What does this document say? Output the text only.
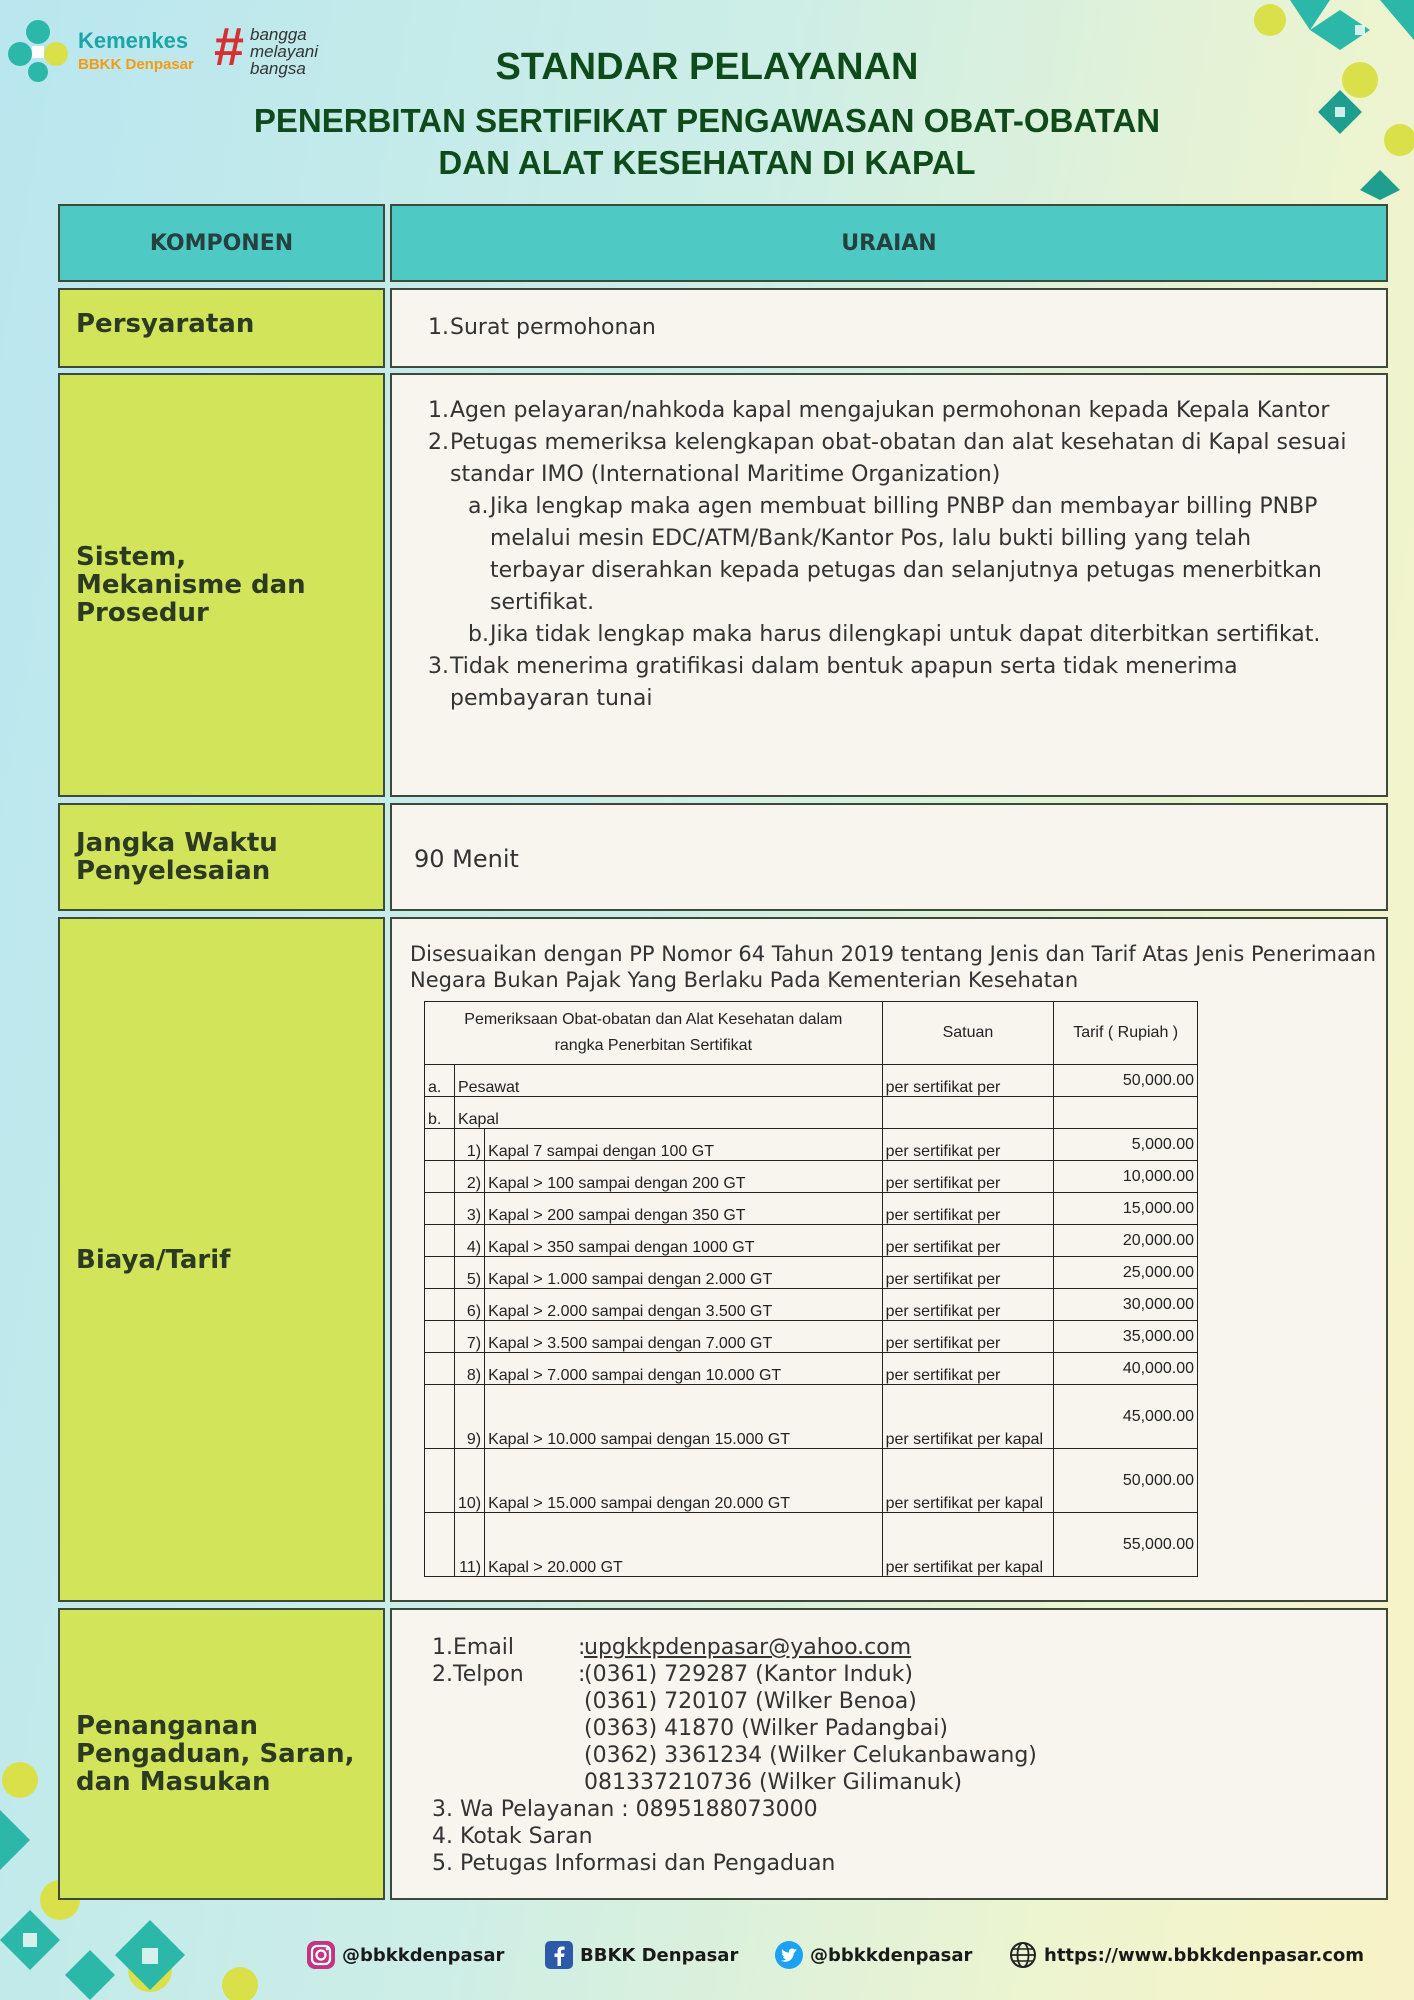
Kemenkes
BBKK Denpasar # bangga
melayani
bangsa	STANDAR PELAYANAN
PENERBITAN SERTIFIKAT PENGAWASAN OBAT-OBATAN
DAN ALAT KESEHATAN DI KAPAL
KOMPONEN	URAIAN
Persyaratan	1. Surat permohonan
Sistem, Mekanisme dan Prosedur
1. Agen pelayaran/nahkoda kapal mengajukan permohonan kepada Kepala Kantor
2. Petugas memeriksa kelengkapan obat-obatan dan alat kesehatan di Kapal sesuai standar IMO (International Maritime Organization)
a. Jika lengkap maka agen membuat billing PNBP dan membayar billing PNBP melalui mesin EDC/ATM/Bank/Kantor Pos, lalu bukti billing yang telah terbayar diserahkan kepada petugas dan selanjutnya petugas menerbitkan sertifikat.
b. Jika tidak lengkap maka harus dilengkapi untuk dapat diterbitkan sertifikat.
3. Tidak menerima gratifikasi dalam bentuk apapun serta tidak menerima pembayaran tunai
Jangka Waktu Penyelesaian	90 Menit
Biaya/Tarif
Disesuaikan dengan PP Nomor 64 Tahun 2019 tentang Jenis dan Tarif Atas Jenis Penerimaan Negara Bukan Pajak Yang Berlaku Pada Kementerian Kesehatan
Pemeriksaan Obat-obatan dan Alat Kesehatan dalam rangka Penerbitan Sertifikat			Satuan	Tarif ( Rupiah )
a.	Pesawat		per sertifikat per	50,000.00
b.	Kapal			
	1)	Kapal 7 sampai dengan 100 GT	per sertifikat per	5,000.00
	2)	Kapal > 100 sampai dengan 200 GT	per sertifikat per	10,000.00
	3)	Kapal > 200 sampai dengan 350 GT	per sertifikat per	15,000.00
	4)	Kapal > 350 sampai dengan 1000 GT	per sertifikat per	20,000.00
	5)	Kapal > 1.000 sampai dengan 2.000 GT	per sertifikat per	25,000.00
	6)	Kapal > 2.000 sampai dengan 3.500 GT	per sertifikat per	30,000.00
	7)	Kapal > 3.500 sampai dengan 7.000 GT	per sertifikat per	35,000.00
	8)	Kapal > 7.000 sampai dengan 10.000 GT	per sertifikat per	40,000.00
	9)	Kapal > 10.000 sampai dengan 15.000 GT	per sertifikat per kapal	45,000.00
	10)	Kapal > 15.000 sampai dengan 20.000 GT	per sertifikat per kapal	50,000.00
	11)	Kapal > 20.000 GT	per sertifikat per kapal	55,000.00
Penanganan Pengaduan, Saran, dan Masukan
1.Email	:
upgkkpdenpasar@yahoo.com
2.Telpon :
(0361) 729287 (Kantor Induk)
(0361) 720107 (Wilker Benoa)
(0363) 41870 (Wilker Padangbai)
(0362) 3361234 (Wilker Celukanbawang)
081337210736 (Wilker Gilimanuk)
3. Wa Pelayanan : 0895188073000
4. Kotak Saran
5. Petugas Informasi dan Pengaduan
@bbkkdenpasar	BBKK Denpasar	@bbkkdenpasar	https://www.bbkkdenpasar.com
